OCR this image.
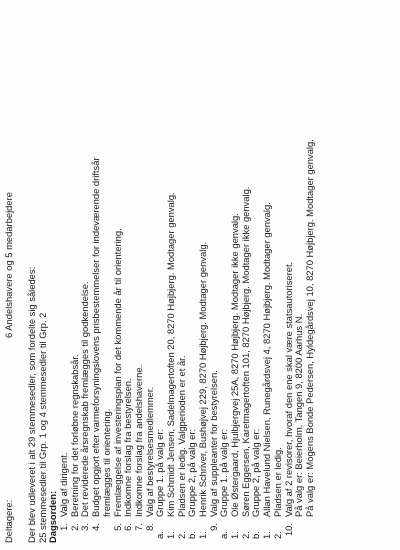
Deltagere:
6 Andelshavere og 5 medarbejdere
Der blev udleveret i alt 29 stemmesedler, som fordelte sig således: 25 stemmesedler til Grp. 1 og 4 stemmesedler til Grp. 2 Dagsorden: 1.
Valg af dirigent.
2.
Beretning for det forløbne regnskabsår.
3.
Det reviderede årsregnskab fremlægges til godkendelse.
4.
Budget opgjort efter varmeforsyningslovens prisbestemmelser for indeværende driftsår fremlægges til orientering.
5.
Fremlæggelse af investeringsplan for det kommende år til orientering.
6.
Indkomne forslag fra bestyrelsen.
7.
Indkomne forslag fra andelshaverne.
8.
Valg af bestyrelsesmedlemmer.
a.
Gruppe 1. på valg er:
1.
Kim Schmidt Jensen, Sadelmagertoften 20, 8270 Højbjerg. Modtager genvalg.
2.
Pladsen er ledig. Valgperioden er et år.
b.
Gruppe 2, på valg er:
1.
Henrik Schriver, Bushøjvej 229, 8270 Højbjerg. Modtager genvalg.
9.
Valg af suppleanter for bestyrelsen.
a.
Gruppe 1. på valg er:
1.
Ole Østergaard, Hjulbjergvej 25A, 8270 Højbjerg. Modtager ikke genvalg.
2.
Søren Eggersen, Karetmagertoften 101, 8270 Højbjerg. Modtager ikke genvalg.
b.
Gruppe 2, på valg er:
1.
Allan Havelund Nielsen, Runegårdsvej 4, 8270 Højbjerg. Modtager genvalg.
2.
Pladsen er ledig.
10.
Valg af 2 revisorer, hvoraf den ene skal være statsautoriseret. På valg er: Beierholm, Tangen 9, 8200 Aarhus N. På valg er: Mogens Bonde Pedersen, Hyldegårdsvej 10, 8270 Højbjerg. Modtager genvalg.
